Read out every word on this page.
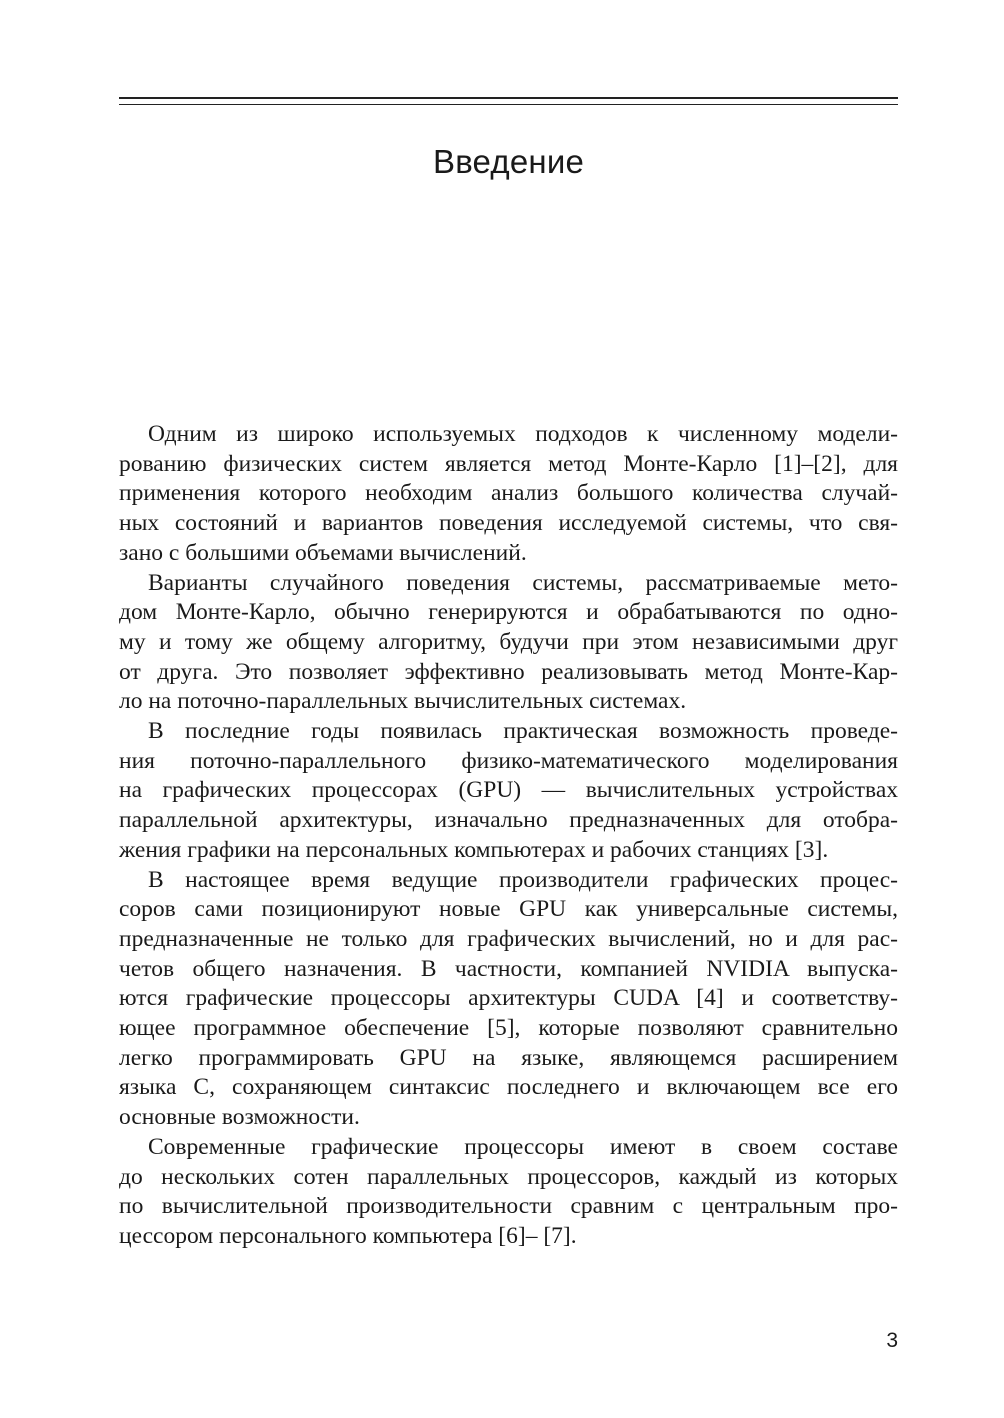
Введение
Одним из широко используемых подходов к численному модели-
рованию физических систем является метод Монте-Карло [1]–[2], для
применения которого необходим анализ большого количества случай-
ных состояний и вариантов поведения исследуемой системы, что свя-
зано с большими объемами вычислений.
Варианты случайного поведения системы, рассматриваемые мето-
дом Монте-Карло, обычно генерируются и обрабатываются по одно-
му и тому же общему алгоритму, будучи при этом независимыми друг
от друга. Это позволяет эффективно реализовывать метод Монте-Кар-
ло на поточно-параллельных вычислительных системах.
В последние годы появилась практическая возможность проведе-
ния поточно-параллельного физико-математического моделирования
на графических процессорах (GPU) — вычислительных устройствах
параллельной архитектуры, изначально предназначенных для отобра-
жения графики на персональных компьютерах и рабочих станциях [3].
В настоящее время ведущие производители графических процес-
соров сами позиционируют новые GPU как универсальные системы,
предназначенные не только для графических вычислений, но и для рас-
четов общего назначения. В частности, компанией NVIDIA выпуска-
ются графические процессоры архитектуры CUDA [4] и соответству-
ющее программное обеспечение [5], которые позволяют сравнительно
легко программировать GPU на языке, являющемся расширением
языка С, сохраняющем синтаксис последнего и включающем все его
основные возможности.
Современные графические процессоры имеют в своем составе
до нескольких сотен параллельных процессоров, каждый из которых
по вычислительной производительности сравним с центральным про-
цессором персонального компьютера [6]– [7].
3
